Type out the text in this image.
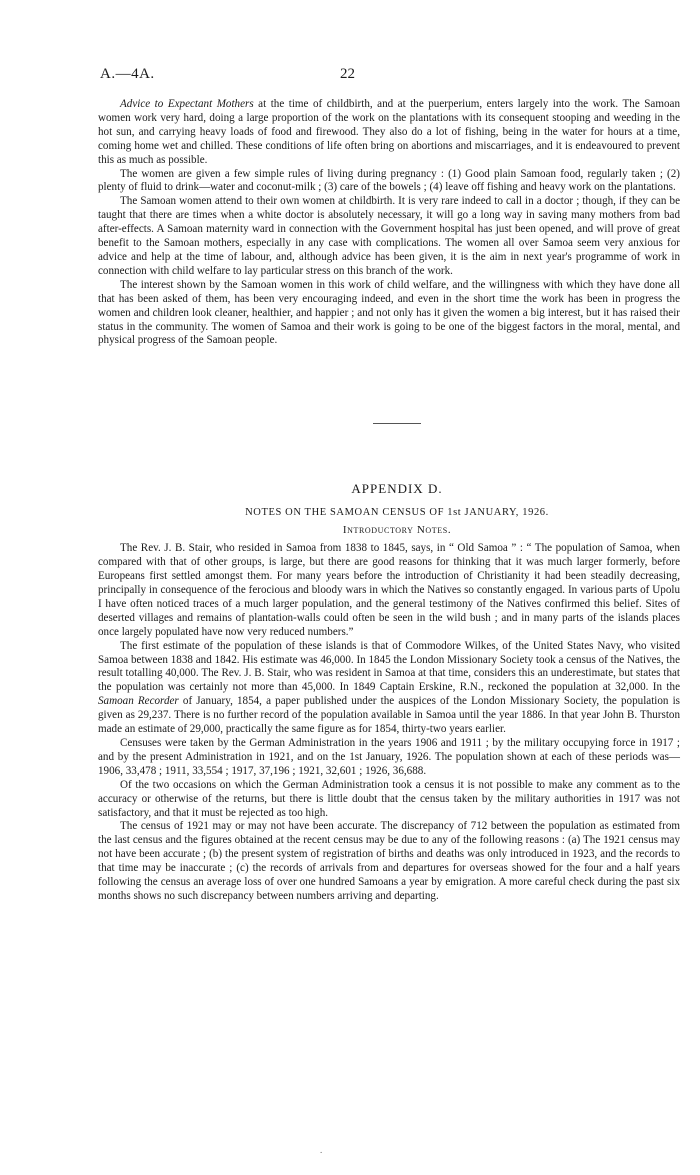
A.—4A.	22

Advice to Expectant Mothers at the time of childbirth, and at the puerperium, enters largely into the work. The Samoan women work very hard, doing a large proportion of the work on the plantations with its consequent stooping and weeding in the hot sun, and carrying heavy loads of food and firewood. They also do a lot of fishing, being in the water for hours at a time, coming home wet and chilled. These conditions of life often bring on abortions and miscarriages, and it is endeavoured to prevent this as much as possible.

The women are given a few simple rules of living during pregnancy : (1) Good plain Samoan food, regularly taken ; (2) plenty of fluid to drink—water and coconut-milk ; (3) care of the bowels ; (4) leave off fishing and heavy work on the plantations.

The Samoan women attend to their own women at childbirth. It is very rare indeed to call in a doctor ; though, if they can be taught that there are times when a white doctor is absolutely necessary, it will go a long way in saving many mothers from bad after-effects. A Samoan maternity ward in connection with the Government hospital has just been opened, and will prove of great benefit to the Samoan mothers, especially in any case with complications. The women all over Samoa seem very anxious for advice and help at the time of labour, and, although advice has been given, it is the aim in next year's programme of work in connection with child welfare to lay particular stress on this branch of the work.

The interest shown by the Samoan women in this work of child welfare, and the willingness with which they have done all that has been asked of them, has been very encouraging indeed, and even in the short time the work has been in progress the women and children look cleaner, healthier, and happier ; and not only has it given the women a big interest, but it has raised their status in the community. The women of Samoa and their work is going to be one of the biggest factors in the moral, mental, and physical progress of the Samoan people.

APPENDIX D.
NOTES ON THE SAMOAN CENSUS OF 1st JANUARY, 1926.
Introductory Notes.

The Rev. J. B. Stair, who resided in Samoa from 1838 to 1845, says, in “ Old Samoa ” : “ The population of Samoa, when compared with that of other groups, is large, but there are good reasons for thinking that it was much larger formerly, before Europeans first settled amongst them. For many years before the introduction of Christianity it had been steadily decreasing, principally in consequence of the ferocious and bloody wars in which the Natives so constantly engaged. In various parts of Upolu I have often noticed traces of a much larger population, and the general testimony of the Natives confirmed this belief. Sites of deserted villages and remains of plantation-walls could often be seen in the wild bush ; and in many parts of the islands places once largely populated have now very reduced numbers.”

The first estimate of the population of these islands is that of Commodore Wilkes, of the United States Navy, who visited Samoa between 1838 and 1842. His estimate was 46,000. In 1845 the London Missionary Society took a census of the Natives, the result totalling 40,000. The Rev. J. B. Stair, who was resident in Samoa at that time, considers this an underestimate, but states that the population was certainly not more than 45,000. In 1849 Captain Erskine, R.N., reckoned the population at 32,000. In the Samoan Recorder of January, 1854, a paper published under the auspices of the London Missionary Society, the population is given as 29,237. There is no further record of the population available in Samoa until the year 1886. In that year John B. Thurston made an estimate of 29,000, practically the same figure as for 1854, thirty-two years earlier.

Censuses were taken by the German Administration in the years 1906 and 1911 ; by the military occupying force in 1917 ; and by the present Administration in 1921, and on the 1st January, 1926. The population shown at each of these periods was— 1906, 33,478 ; 1911, 33,554 ; 1917, 37,196 ; 1921, 32,601 ; 1926, 36,688.

Of the two occasions on which the German Administration took a census it is not possible to make any comment as to the accuracy or otherwise of the returns, but there is little doubt that the census taken by the military authorities in 1917 was not satisfactory, and that it must be rejected as too high.

The census of 1921 may or may not have been accurate. The discrepancy of 712 between the population as estimated from the last census and the figures obtained at the recent census may be due to any of the following reasons : (a) The 1921 census may not have been accurate ; (b) the present system of registration of births and deaths was only introduced in 1923, and the records to that time may be inaccurate ; (c) the records of arrivals from and departures for overseas showed for the four and a half years following the census an average loss of over one hundred Samoans a year by emigration. A more careful check during the past six months shows no such discrepancy between numbers arriving and departing.

.
